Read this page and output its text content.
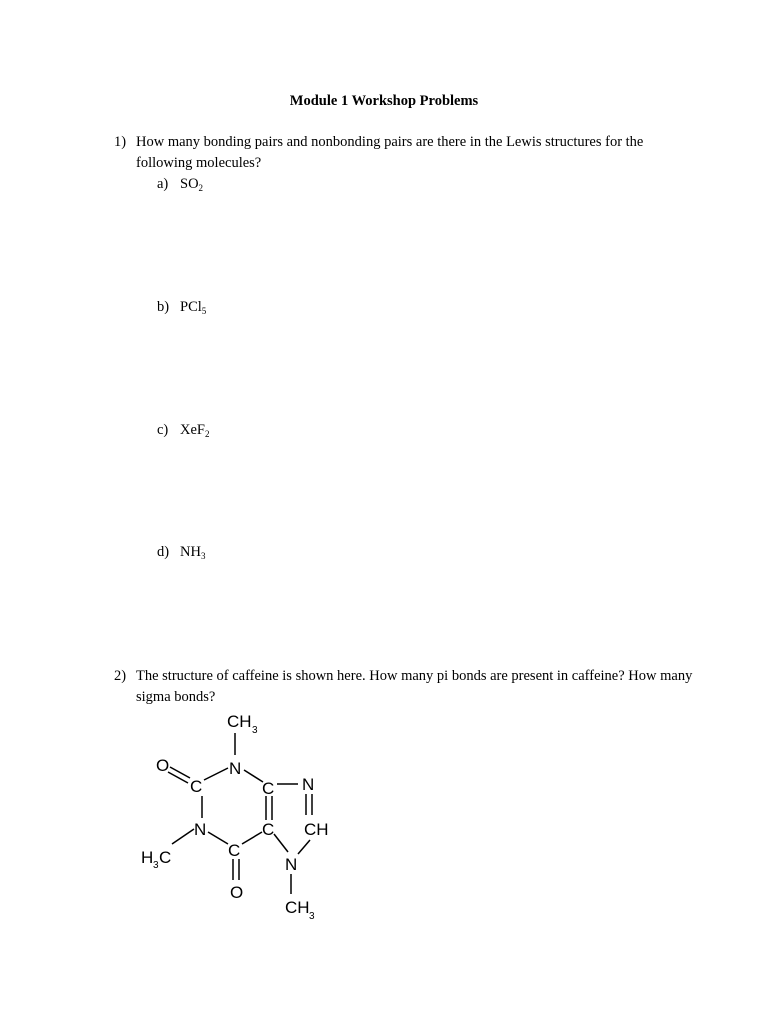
Module 1 Workshop Problems
1) How many bonding pairs and nonbonding pairs are there in the Lewis structures for the following molecules?
a) $SO_2$
b) PCl$_5$
c) XeF$_2$
d) $NH_3$
2) The structure of caffeine is shown here. How many pi bonds are present in caffeine? How many sigma bonds?
CH 3
N
O
C	C N
CH
C
N
C
O
H 3 C	N
CH 3
